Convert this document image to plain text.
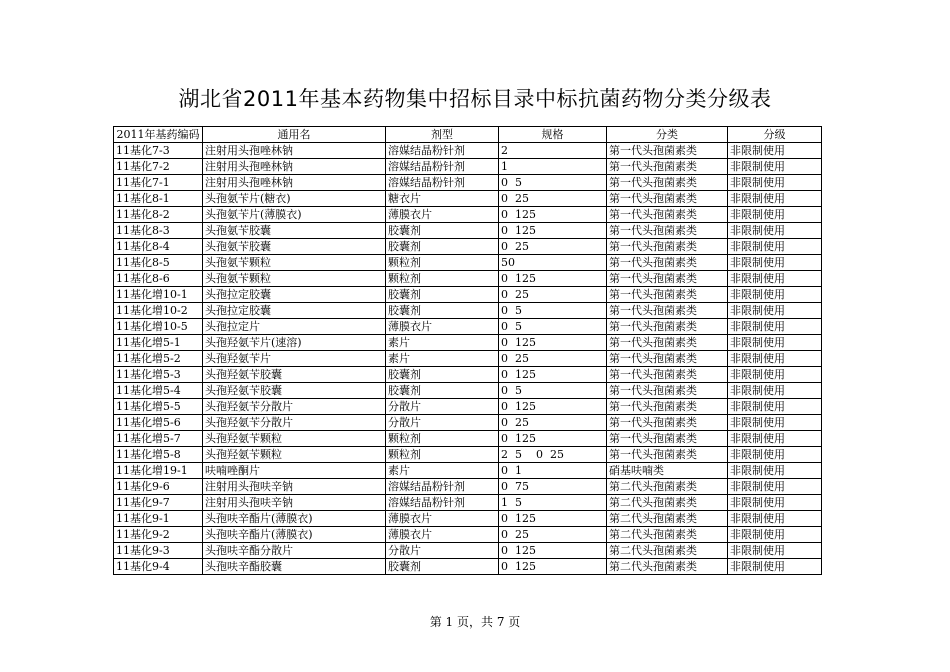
湖北省2011年基本药物集中招标目录中标抗菌药物分类分级表
2011年基药编码	通用名	剂型	规格	分类	分级
11基化7-3	注射用头孢唑林钠	溶媒结晶粉针剂	2	第一代头孢菌素类	非限制使用
11基化7-2	注射用头孢唑林钠	溶媒结晶粉针剂	1	第一代头孢菌素类	非限制使用
11基化7-1	注射用头孢唑林钠	溶媒结晶粉针剂	0  5	第一代头孢菌素类	非限制使用
11基化8-1	头孢氨苄片(糖衣)	糖衣片	0  25	第一代头孢菌素类	非限制使用
11基化8-2	头孢氨苄片(薄膜衣)	薄膜衣片	0  125	第一代头孢菌素类	非限制使用
11基化8-3	头孢氨苄胶囊	胶囊剂	0  125	第一代头孢菌素类	非限制使用
11基化8-4	头孢氨苄胶囊	胶囊剂	0  25	第一代头孢菌素类	非限制使用
11基化8-5	头孢氨苄颗粒	颗粒剂	50	第一代头孢菌素类	非限制使用
11基化8-6	头孢氨苄颗粒	颗粒剂	0  125	第一代头孢菌素类	非限制使用
11基化增10-1	头孢拉定胶囊	胶囊剂	0  25	第一代头孢菌素类	非限制使用
11基化增10-2	头孢拉定胶囊	胶囊剂	0  5	第一代头孢菌素类	非限制使用
11基化增10-5	头孢拉定片	薄膜衣片	0  5	第一代头孢菌素类	非限制使用
11基化增5-1	头孢羟氨苄片(速溶)	素片	0  125	第一代头孢菌素类	非限制使用
11基化增5-2	头孢羟氨苄片	素片	0  25	第一代头孢菌素类	非限制使用
11基化增5-3	头孢羟氨苄胶囊	胶囊剂	0  125	第一代头孢菌素类	非限制使用
11基化增5-4	头孢羟氨苄胶囊	胶囊剂	0  5	第一代头孢菌素类	非限制使用
11基化增5-5	头孢羟氨苄分散片	分散片	0  125	第一代头孢菌素类	非限制使用
11基化增5-6	头孢羟氨苄分散片	分散片	0  25	第一代头孢菌素类	非限制使用
11基化增5-7	头孢羟氨苄颗粒	颗粒剂	0  125	第一代头孢菌素类	非限制使用
11基化增5-8	头孢羟氨苄颗粒	颗粒剂	2  5    0  25	第一代头孢菌素类	非限制使用
11基化增19-1	呋喃唑酮片	素片	0  1	硝基呋喃类	非限制使用
11基化9-6	注射用头孢呋辛钠	溶媒结晶粉针剂	0  75	第二代头孢菌素类	非限制使用
11基化9-7	注射用头孢呋辛钠	溶媒结晶粉针剂	1  5	第二代头孢菌素类	非限制使用
11基化9-1	头孢呋辛酯片(薄膜衣)	薄膜衣片	0  125	第二代头孢菌素类	非限制使用
11基化9-2	头孢呋辛酯片(薄膜衣)	薄膜衣片	0  25	第二代头孢菌素类	非限制使用
11基化9-3	头孢呋辛酯分散片	分散片	0  125	第二代头孢菌素类	非限制使用
11基化9-4	头孢呋辛酯胶囊	胶囊剂	0  125	第二代头孢菌素类	非限制使用
第 1 页，共 7 页
